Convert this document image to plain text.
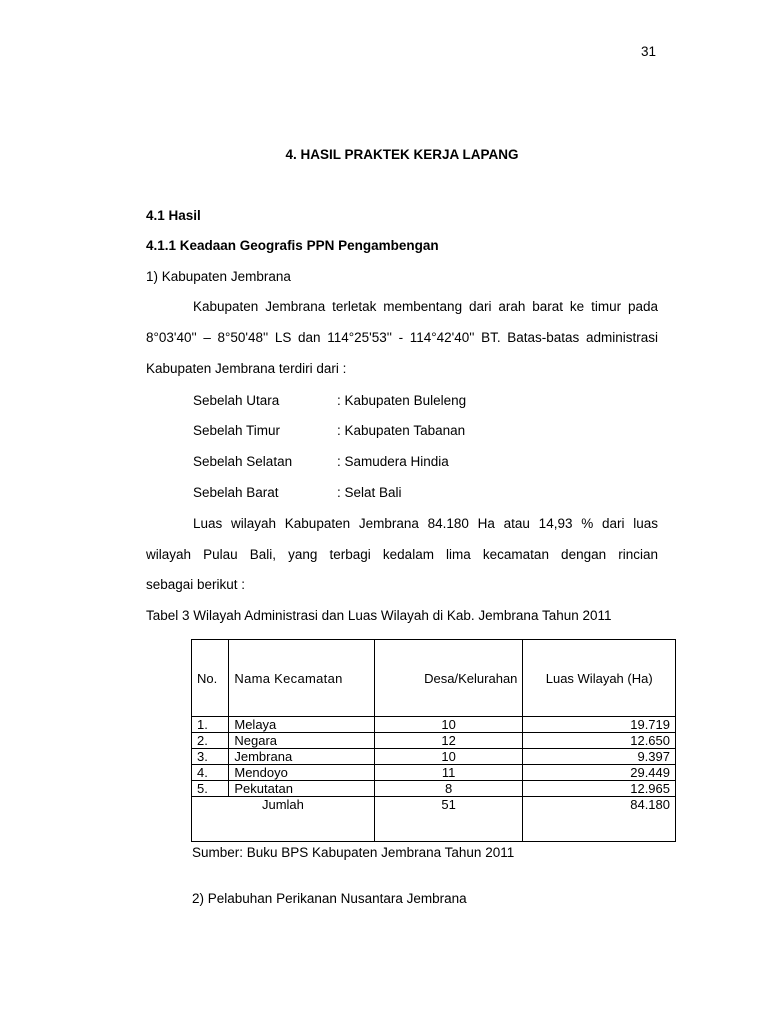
31
4. HASIL PRAKTEK KERJA LAPANG
4.1 Hasil
4.1.1 Keadaan Geografis PPN Pengambengan
1) Kabupaten Jembrana
Kabupaten Jembrana terletak membentang dari arah barat ke timur pada
8°03'40'' – 8°50'48'' LS dan 114°25'53'' - 114°42'40'' BT. Batas-batas administrasi
Kabupaten Jembrana terdiri dari :
Sebelah Utara	: Kabupaten Buleleng
Sebelah Timur	: Kabupaten Tabanan
Sebelah Selatan	: Samudera Hindia
Sebelah Barat	: Selat Bali
Luas wilayah Kabupaten Jembrana 84.180 Ha atau 14,93 % dari luas
wilayah Pulau Bali, yang terbagi kedalam lima kecamatan dengan rincian
sebagai berikut :
Tabel 3 Wilayah Administrasi dan Luas Wilayah di Kab. Jembrana Tahun 2011
No.	Nama Kecamatan	Desa/Kelurahan	Luas Wilayah (Ha)
1.	Melaya	10	19.719
2.	Negara	12	12.650
3.	Jembrana	10	9.397
4.	Mendoyo	11	29.449
5.	Pekutatan	8	12.965
Jumlah		51	84.180

Sumber: Buku BPS Kabupaten Jembrana Tahun 2011
2) Pelabuhan Perikanan Nusantara Jembrana
